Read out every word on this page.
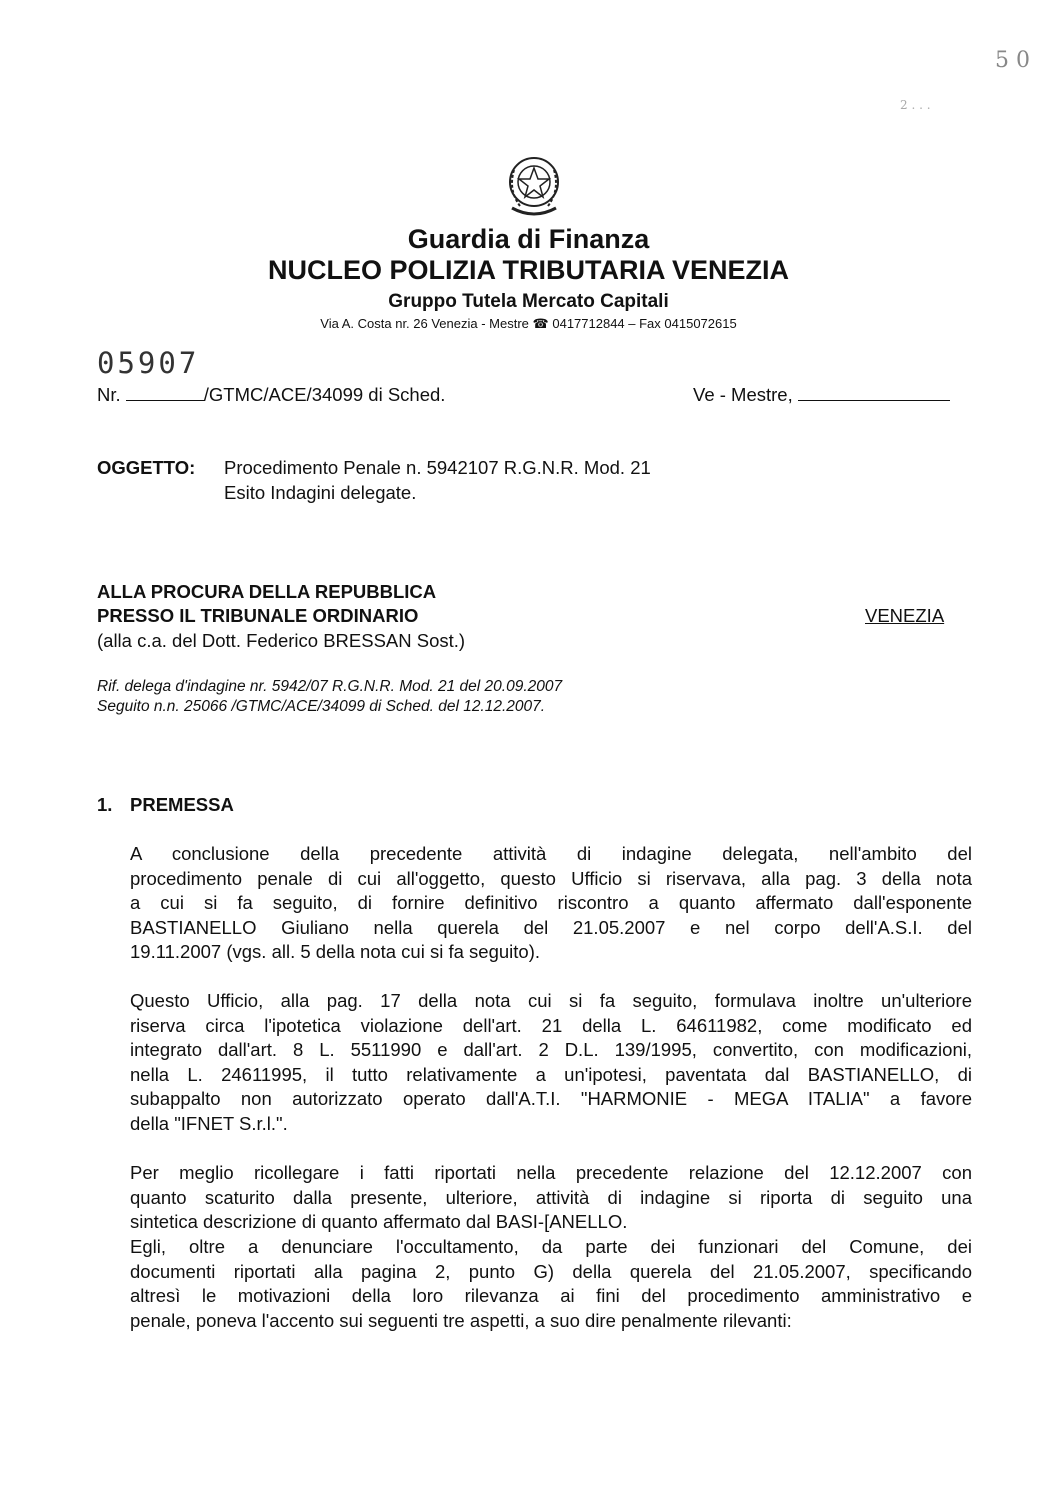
5 0
2 . . .
Guardia di Finanza
NUCLEO POLIZIA TRIBUTARIA VENEZIA
Gruppo Tutela Mercato Capitali
Via A. Costa nr. 26 Venezia - Mestre ☎ 0417712844 – Fax 0415072615
05907
Nr.	/GTMC/ACE/34099 di Sched.	Ve - Mestre,
OGGETTO: Procedimento Penale n. 5942107 R.G.N.R. Mod. 21
Esito Indagini delegate.
ALLA PROCURA DELLA REPUBBLICA
PRESSO IL TRIBUNALE ORDINARIO	VENEZIA
(alla c.a. del Dott. Federico BRESSAN Sost.)
Rif. delega d'indagine nr. 5942/07 R.G.N.R. Mod. 21 del 20.09.2007
Seguito n.n. 25066 /GTMC/ACE/34099 di Sched. del 12.12.2007.
1. PREMESSA
A conclusione della precedente attività di indagine delegata, nell'ambito del
procedimento penale di cui all'oggetto, questo Ufficio si riservava, alla pag. 3 della nota
a cui si fa seguito, di fornire definitivo riscontro a quanto affermato dall'esponente
BASTIANELLO Giuliano nella querela del 21.05.2007 e nel corpo dell'A.S.I. del
19.11.2007 (vgs. all. 5 della nota cui si fa seguito).
Questo Ufficio, alla pag. 17 della nota cui si fa seguito, formulava inoltre un'ulteriore
riserva circa l'ipotetica violazione dell'art. 21 della L. 64611982, come modificato ed
integrato dall'art. 8 L. 5511990 e dall'art. 2 D.L. 139/1995, convertito, con modificazioni,
nella L. 24611995, il tutto relativamente a un'ipotesi, paventata dal BASTIANELLO, di
subappalto non autorizzato operato dall'A.T.I. "HARMONIE - MEGA ITALIA" a favore
della "IFNET S.r.l.".
Per meglio ricollegare i fatti riportati nella precedente relazione del 12.12.2007 con
quanto scaturito dalla presente, ulteriore, attività di indagine si riporta di seguito una
sintetica descrizione di quanto affermato dal BASI-[ANELLO.
Egli, oltre a denunciare l'occultamento, da parte dei funzionari del Comune, dei
documenti riportati alla pagina 2, punto G) della querela del 21.05.2007, specificando
altresì le motivazioni della loro rilevanza ai fini del procedimento amministrativo e
penale, poneva l'accento sui seguenti tre aspetti, a suo dire penalmente rilevanti:
